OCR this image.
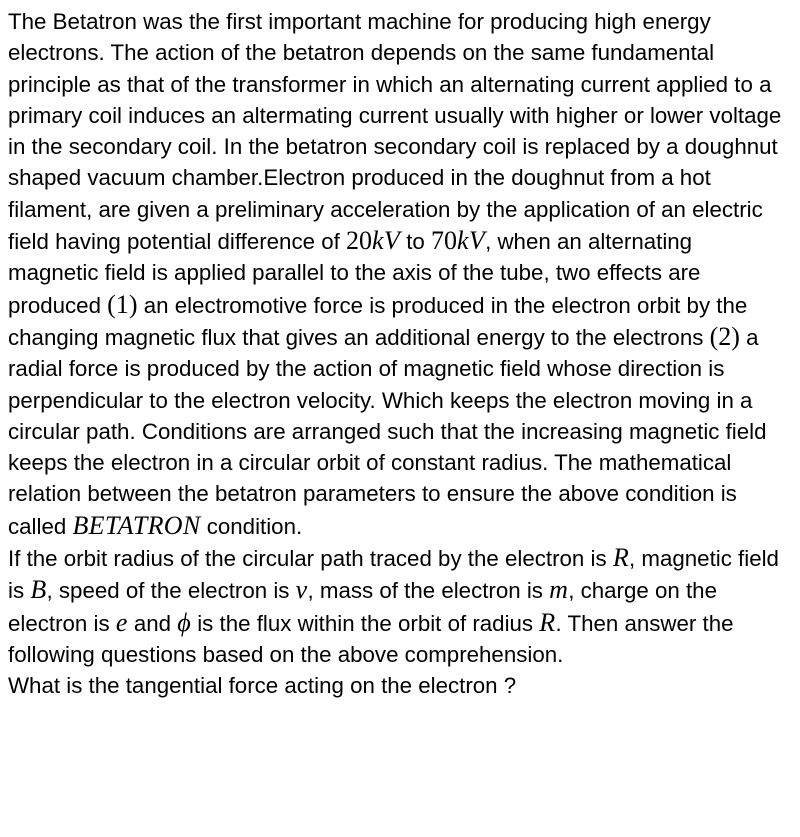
The Betatron was the first important machine for producing high energy electrons. The action of the betatron depends on the same fundamental principle as that of the transformer in which an alternating current applied to a primary coil induces an altermating current usually with higher or lower voltage in the secondary coil. In the betatron secondary coil is replaced by a doughnut shaped vacuum chamber.Electron produced in the doughnut from a hot filament, are given a preliminary acceleration by the application of an electric field having potential difference of 20kV to 70kV, when an alternating magnetic field is applied parallel to the axis of the tube, two effects are produced (1) an electromotive force is produced in the electron orbit by the changing magnetic flux that gives an additional energy to the electrons (2) a radial force is produced by the action of magnetic field whose direction is perpendicular to the electron velocity. Which keeps the electron moving in a circular path. Conditions are arranged such that the increasing magnetic field keeps the electron in a circular orbit of constant radius. The mathematical relation between the betatron parameters to ensure the above condition is called BETATRON condition.

If the orbit radius of the circular path traced by the electron is R, magnetic field is B, speed of the electron is v, mass of the electron is m, charge on the electron is e and ϕ is the flux within the orbit of radius R. Then answer the following questions based on the above comprehension.

What is the tangential force acting on the electron ?
